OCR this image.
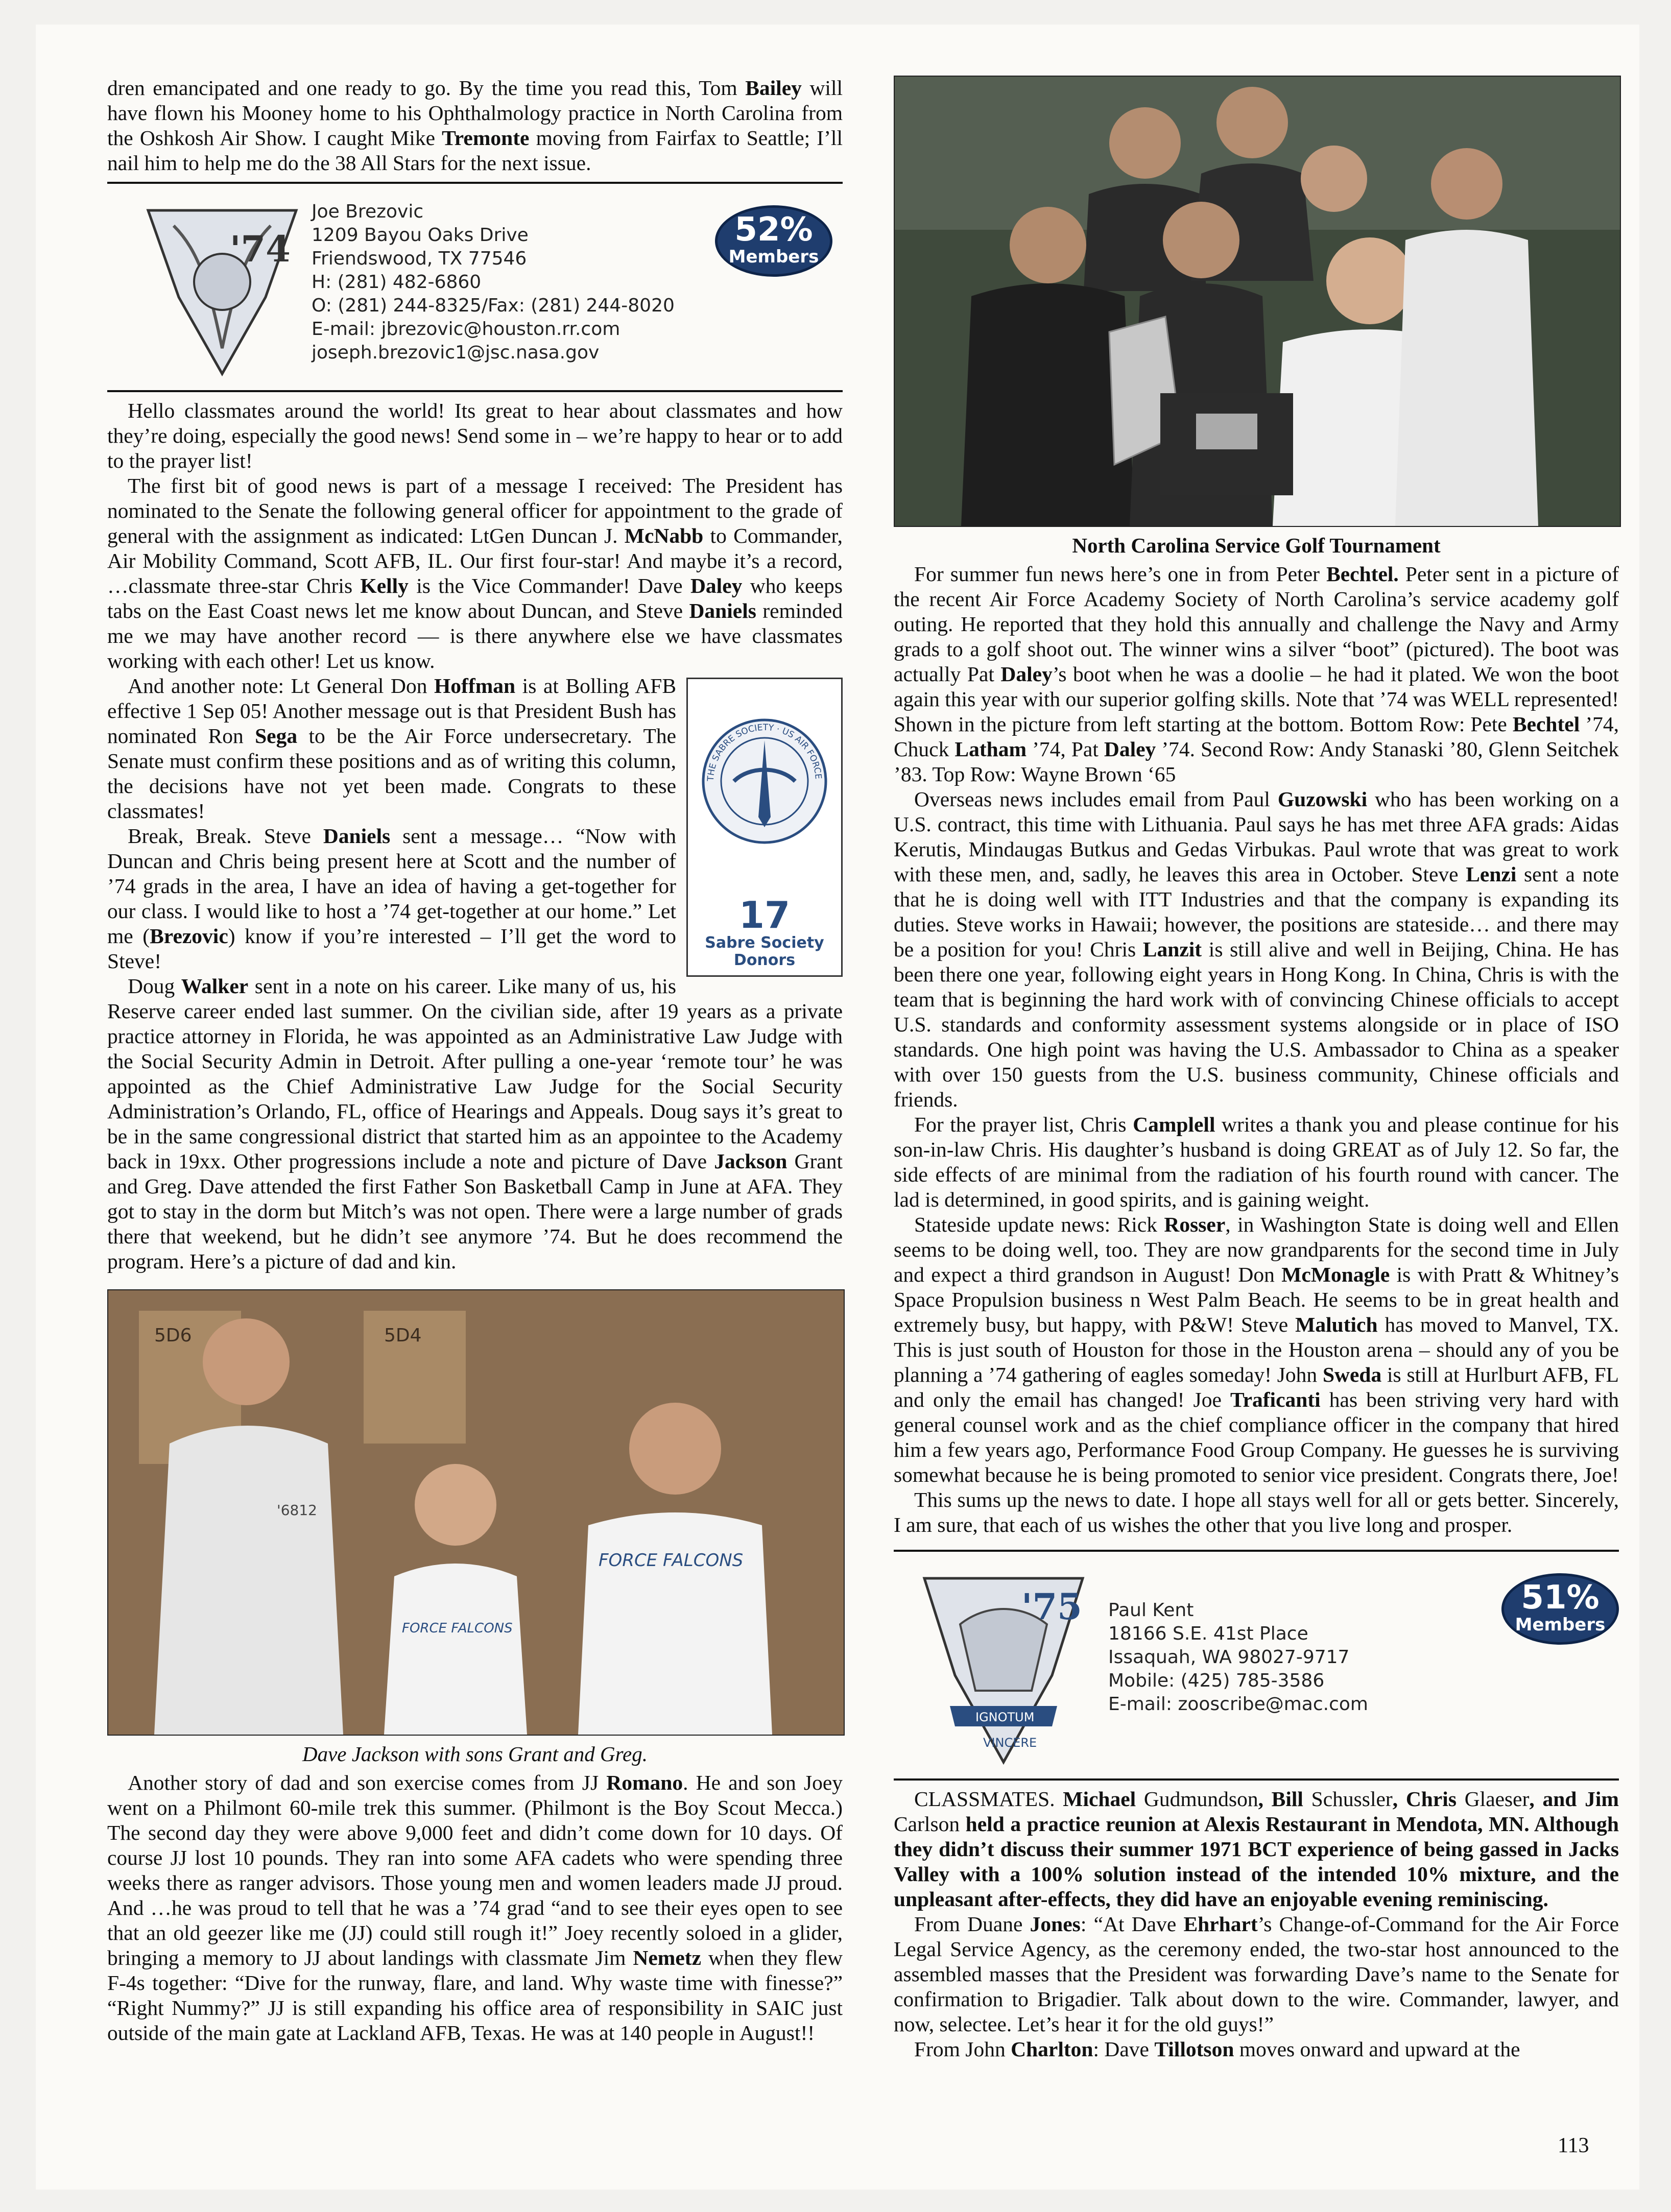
dren emancipated and one ready to go. By the time you read this, Tom Bailey will have flown his Mooney home to his Ophthalmology practice in North Carolina from the Oshkosh Air Show. I caught Mike Tremonte moving from Fairfax to Seattle; I’ll nail him to help me do the 38 All Stars for the next issue.

'74
Joe Brezovic
1209 Bayou Oaks Drive
Friendswood, TX 77546
H: (281) 482-6860
O: (281) 244-8325/Fax: (281) 244-8020
E-mail: jbrezovic@houston.rr.com
joseph.brezovic1@jsc.nasa.gov
52%
Members

Hello classmates around the world! Its great to hear about classmates and how they’re doing, especially the good news! Send some in – we’re happy to hear or to add to the prayer list!

The first bit of good news is part of a message I received: The President has nominated to the Senate the following general officer for appointment to the grade of general with the assignment as indicated: LtGen Duncan J. McNabb to Commander, Air Mobility Command, Scott AFB, IL. Our first four-star! And maybe it’s a record, …classmate three-star Chris Kelly is the Vice Commander! Dave Daley who keeps tabs on the East Coast news let me know about Duncan, and Steve Daniels reminded me we may have another record — is there anywhere else we have classmates working with each other! Let us know.

THE SABRE SOCIETY · US AIR FORCE
17
Sabre Society
Donors

And another note: Lt General Don Hoffman is at Bolling AFB effective 1 Sep 05! Another message out is that President Bush has nominated Ron Sega to be the Air Force undersecretary. The Senate must confirm these positions and as of writing this column, the decisions have not yet been made. Congrats to these classmates!

Break, Break. Steve Daniels sent a message… “Now with Duncan and Chris being present here at Scott and the number of ’74 grads in the area, I have an idea of having a get-together for our class. I would like to host a ’74 get-together at our home.” Let me (Brezovic) know if you’re interested – I’ll get the word to Steve!

Doug Walker sent in a note on his career. Like many of us, his Reserve career ended last summer. On the civilian side, after 19 years as a private practice attorney in Florida, he was appointed as an Administrative Law Judge with the Social Security Admin in Detroit. After pulling a one-year ‘remote tour’ he was appointed as the Chief Administrative Law Judge for the Social Security Administration’s Orlando, FL, office of Hearings and Appeals. Doug says it’s great to be in the same congressional district that started him as an appointee to the Academy back in 19xx. Other progressions include a note and picture of Dave Jackson Grant and Greg. Dave attended the first Father Son Basketball Camp in June at AFA. They got to stay in the dorm but Mitch’s was not open. There were a large number of grads there that weekend, but he didn’t see anymore ’74. But he does recommend the program. Here’s a picture of dad and kin.

5D6	5D4
'6812
FORCE FALCONS
FORCE FALCONS
Dave Jackson with sons Grant and Greg.

Another story of dad and son exercise comes from JJ Romano. He and son Joey went on a Philmont 60-mile trek this summer. (Philmont is the Boy Scout Mecca.) The second day they were above 9,000 feet and didn’t come down for 10 days. Of course JJ lost 10 pounds. They ran into some AFA cadets who were spending three weeks there as ranger advisors. Those young men and women leaders made JJ proud. And …he was proud to tell that he was a ’74 grad “and to see their eyes open to see that an old geezer like me (JJ) could still rough it!” Joey recently soloed in a glider, bringing a memory to JJ about landings with classmate Jim Nemetz when they flew F-4s together: “Dive for the runway, flare, and land. Why waste time with finesse?” “Right Nummy?” JJ is still expanding his office area of responsibility in SAIC just outside of the main gate at Lackland AFB, Texas. He was at 140 people in August!!

North Carolina Service Golf Tournament

For summer fun news here’s one in from Peter Bechtel. Peter sent in a picture of the recent Air Force Academy Society of North Carolina’s service academy golf outing. He reported that they hold this annually and challenge the Navy and Army grads to a golf shoot out. The winner wins a silver “boot” (pictured). The boot was actually Pat Daley’s boot when he was a doolie – he had it plated. We won the boot again this year with our superior golfing skills. Note that ’74 was WELL represented! Shown in the picture from left starting at the bottom. Bottom Row: Pete Bechtel ’74, Chuck Latham ’74, Pat Daley ’74. Second Row: Andy Stanaski ’80, Glenn Seitchek ’83. Top Row: Wayne Brown ‘65

Overseas news includes email from Paul Guzowski who has been working on a U.S. contract, this time with Lithuania. Paul says he has met three AFA grads: Aidas Kerutis, Mindaugas Butkus and Gedas Virbukas. Paul wrote that was great to work with these men, and, sadly, he leaves this area in October. Steve Lenzi sent a note that he is doing well with ITT Industries and that the company is expanding its duties. Steve works in Hawaii; however, the positions are stateside… and there may be a position for you! Chris Lanzit is still alive and well in Beijing, China. He has been there one year, following eight years in Hong Kong. In China, Chris is with the team that is beginning the hard work with of convincing Chinese officials to accept U.S. standards and conformity assessment systems alongside or in place of ISO standards. One high point was having the U.S. Ambassador to China as a speaker with over 150 guests from the U.S. business community, Chinese officials and friends.

For the prayer list, Chris Camplell writes a thank you and please continue for his son-in-law Chris. His daughter’s husband is doing GREAT as of July 12. So far, the side effects of are minimal from the radiation of his fourth round with cancer. The lad is determined, in good spirits, and is gaining weight.

Stateside update news: Rick Rosser, in Washington State is doing well and Ellen seems to be doing well, too. They are now grandparents for the second time in July and expect a third grandson in August! Don McMonagle is with Pratt & Whitney’s Space Propulsion business n West Palm Beach. He seems to be in great health and extremely busy, but happy, with P&W! Steve Malutich has moved to Manvel, TX. This is just south of Houston for those in the Houston arena – should any of you be planning a ’74 gathering of eagles someday! John Sweda is still at Hurlburt AFB, FL and only the email has changed! Joe Traficanti has been striving very hard with general counsel work and as the chief compliance officer in the company that hired him a few years ago, Performance Food Group Company. He guesses he is surviving somewhat because he is being promoted to senior vice president. Congrats there, Joe!

This sums up the news to date. I hope all stays well for all or gets better. Sincerely, I am sure, that each of us wishes the other that you live long and prosper.

'75
IGNOTUM
VINCERE
Paul Kent
18166 S.E. 41st Place
Issaquah, WA 98027-9717
Mobile: (425) 785-3586
E-mail: zooscribe@mac.com
51%
Members

CLASSMATES. Michael Gudmundson, Bill Schussler, Chris Glaeser, and Jim Carlson held a practice reunion at Alexis Restaurant in Mendota, MN. Although they didn’t discuss their summer 1971 BCT experience of being gassed in Jacks Valley with a 100% solution instead of the intended 10% mixture, and the unpleasant after-effects, they did have an enjoyable evening reminiscing.

From Duane Jones: “At Dave Ehrhart’s Change-of-Command for the Air Force Legal Service Agency, as the ceremony ended, the two-star host announced to the assembled masses that the President was forwarding Dave’s name to the Senate for confirmation to Brigadier. Talk about down to the wire. Commander, lawyer, and now, selectee. Let’s hear it for the old guys!”

From John Charlton: Dave Tillotson moves onward and upward at the

113
